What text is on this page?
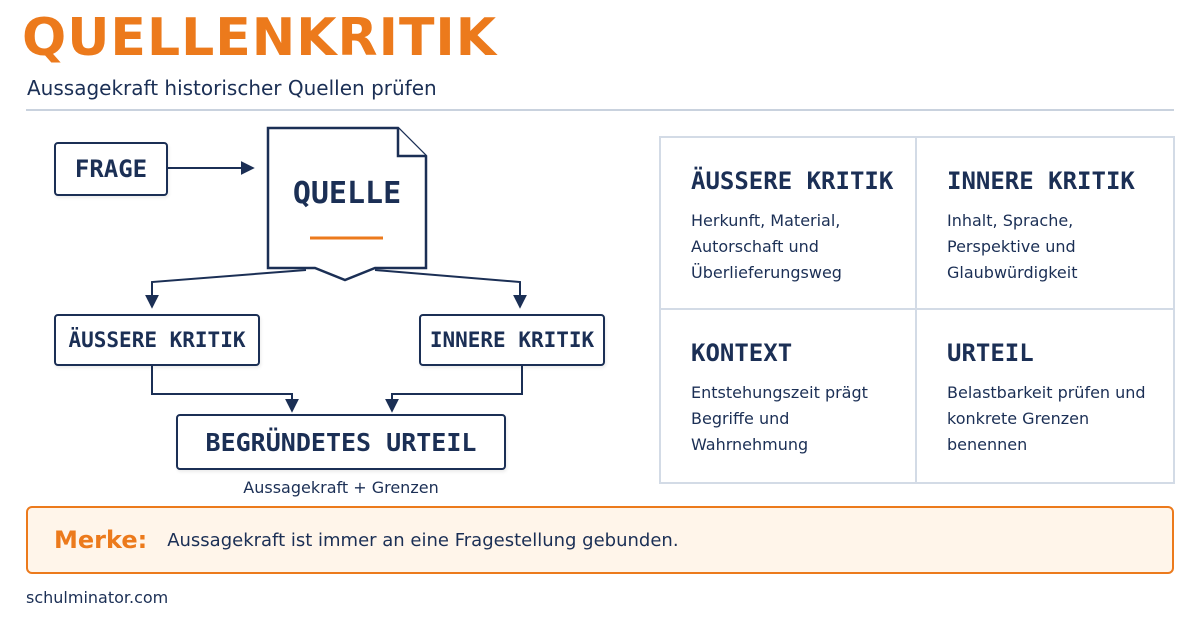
QUELLENKRITIK
Aussagekraft historischer Quellen prüfen
FRAGE
QUELLE
ÄUSSERE KRITIK	INNERE KRITIK
BEGRÜNDETES URTEIL
Aussagekraft + Grenzen
ÄUSSERE KRITIK
Herkunft, Material,
Autorschaft und
Überlieferungsweg
INNERE KRITIK
Inhalt, Sprache,
Perspektive und
Glaubwürdigkeit
KONTEXT
Entstehungszeit prägt
Begriffe und Wahrnehmung
URTEIL
Belastbarkeit prüfen und
konkrete Grenzen benennen
Merke: Aussagekraft ist immer an eine Fragestellung gebunden.
schulminator.com
